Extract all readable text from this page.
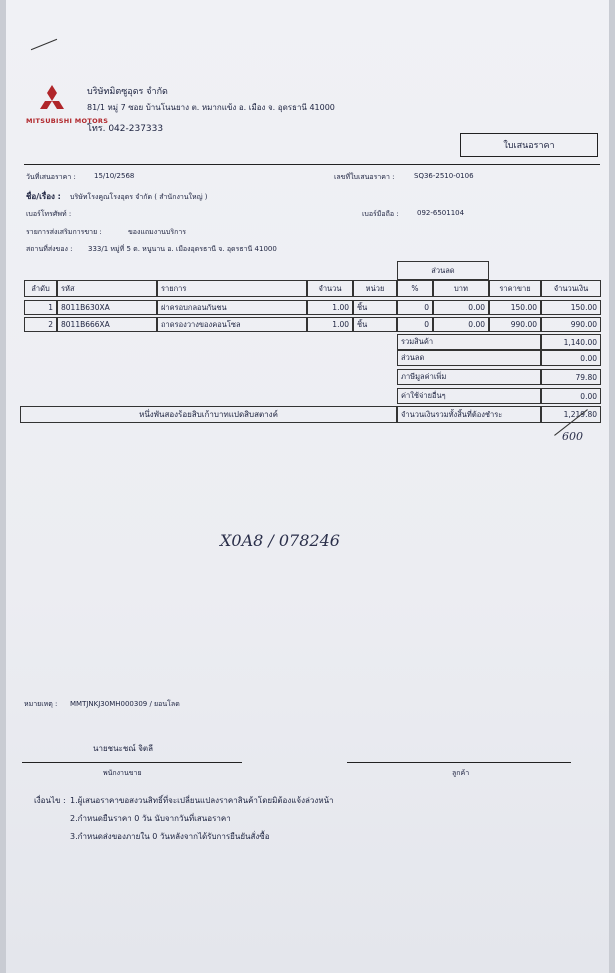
MITSUBISHI MOTORS
บริษัทมิตซูอุดร จำกัด
81/1 หมู่ 7 ซอย บ้านโนนยาง ต. หมากแข้ง อ. เมือง จ. อุดรธานี 41000
โทร. 042-237333
ใบเสนอราคา
วันที่เสนอราคา :	15/10/2568	เลขที่ใบเสนอราคา :	SQ36-2510-0106
ชื่อ/เรื่อง : บริษัทโรงคูณโรงอุดร จำกัด ( สำนักงานใหญ่ )
เบอร์โทรศัพท์ :	เบอร์มือถือ :	092-6501104
รายการส่งเสริมการขาย :	ของแถมงานบริการ
สถานที่ส่งของ : 333/1 หมู่ที่ 5 ต. หนูนาน อ. เมืองอุดรธานี จ. อุดรธานี 41000
ส่วนลด
ลำดับ	รหัส	รายการ	จำนวน	หน่วย	%	บาท	ราคาขาย	จำนวนเงิน
1	8011B630XA	ฝาครอบกลอนกันชน	1.00	ชิ้น	0	0.00	150.00	150.00
2	8011B666XA	ถาดรองวางของคอนโซล	1.00	ชิ้น	0	0.00	990.00	990.00
รวมสินค้า	1,140.00
ส่วนลด	0.00
ภาษีมูลค่าเพิ่ม	79.80
ค่าใช้จ่ายอื่นๆ	0.00
หนึ่งพันสองร้อยสิบเก้าบาทแปดสิบสตางค์	จำนวนเงินรวมทั้งสิ้นที่ต้องชำระ	1,219.80
600
X0A8 / 078246
หมายเหตุ : MMTJNKJ30MH000309 / ยอนโลด
นายชนะชณ์ จิตลี
พนักงานขาย	ลูกค้า
เงื่อนไข : 1.ผู้เสนอราคาขอสงวนสิทธิ์ที่จะเปลี่ยนแปลงราคาสินค้าโดยมิต้องแจ้งล่วงหน้า
2.กำหนดยืนราคา 0 วัน นับจากวันที่เสนอราคา
3.กำหนดส่งของภายใน 0 วันหลังจากได้รับการยืนยันสั่งซื้อ
